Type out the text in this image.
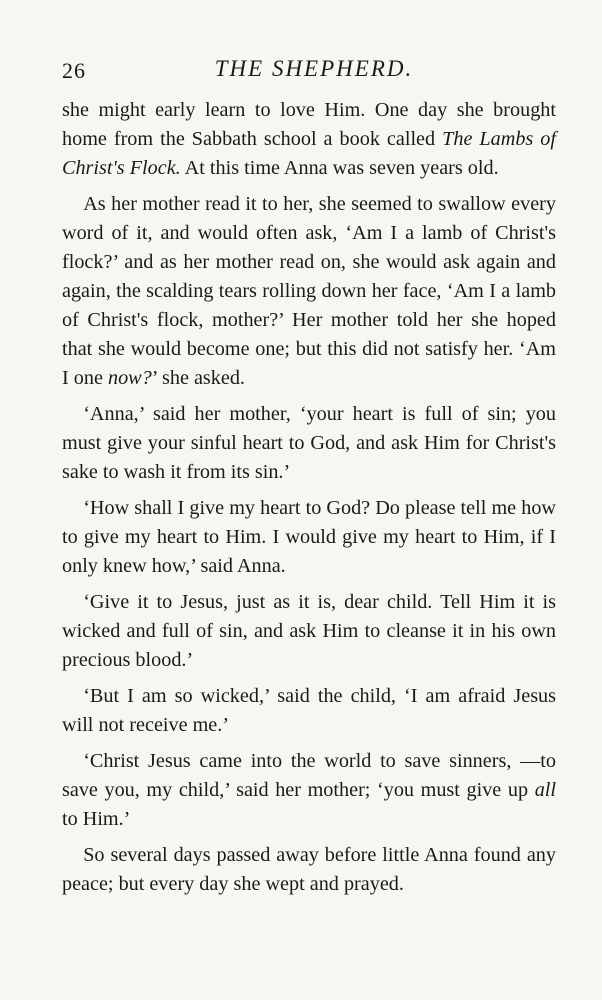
26	THE SHEPHERD.

she might early learn to love Him. One day she brought home from the Sabbath school a book called The Lambs of Christ's Flock. At this time Anna was seven years old.

As her mother read it to her, she seemed to swallow every word of it, and would often ask, ‘Am I a lamb of Christ's flock?’ and as her mother read on, she would ask again and again, the scalding tears rolling down her face, ‘Am I a lamb of Christ's flock, mother?’ Her mother told her she hoped that she would become one; but this did not satisfy her. ‘Am I one now?’ she asked.

‘Anna,’ said her mother, ‘your heart is full of sin; you must give your sinful heart to God, and ask Him for Christ's sake to wash it from its sin.’

‘How shall I give my heart to God? Do please tell me how to give my heart to Him. I would give my heart to Him, if I only knew how,’ said Anna.

‘Give it to Jesus, just as it is, dear child. Tell Him it is wicked and full of sin, and ask Him to cleanse it in his own precious blood.’

‘But I am so wicked,’ said the child, ‘I am afraid Jesus will not receive me.’

‘Christ Jesus came into the world to save sinners, —to save you, my child,’ said her mother; ‘you must give up all to Him.’

So several days passed away before little Anna found any peace; but every day she wept and prayed.
